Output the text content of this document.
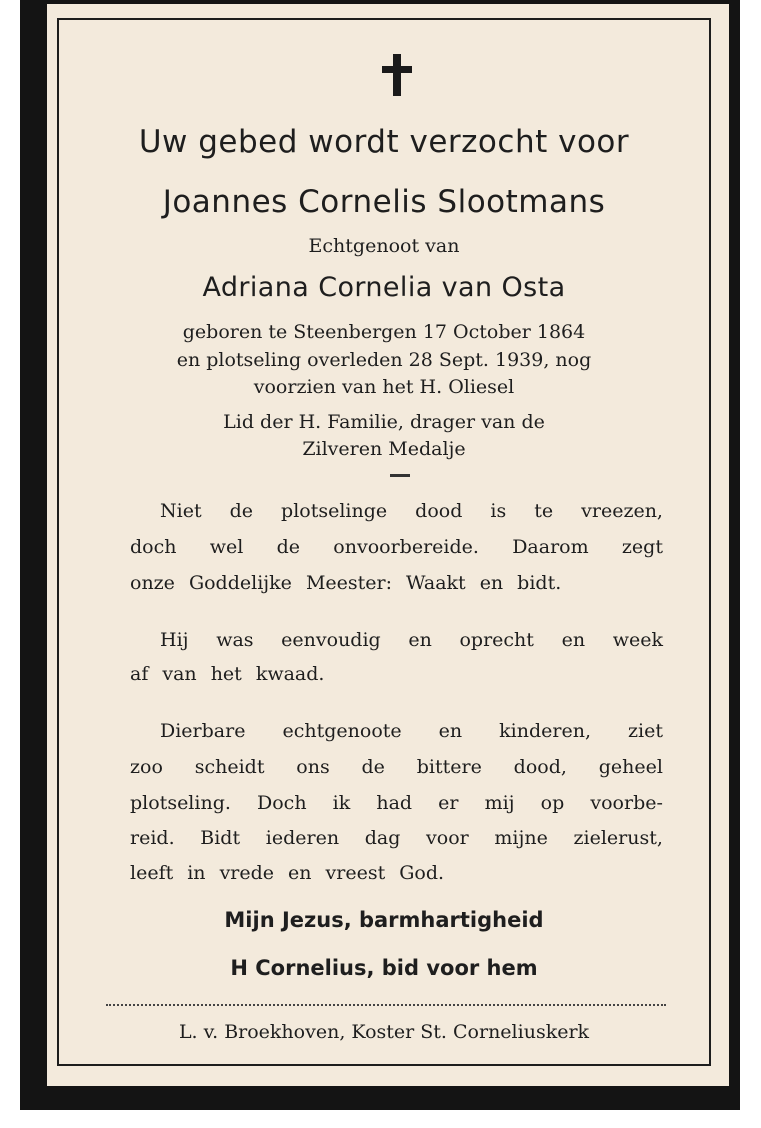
Uw gebed wordt verzocht voor
Joannes Cornelis Slootmans
Echtgenoot van
Adriana Cornelia van Osta
geboren te Steenbergen 17 October 1864
en plotseling overleden 28 Sept. 1939, nog
voorzien van het H. Oliesel
Lid der H. Familie, drager van de
Zilveren Medalje
Niet de plotselinge dood is te vreezen,
doch wel de onvoorbereide. Daarom zegt
onze Goddelijke Meester: Waakt en bidt.
Hij was eenvoudig en oprecht en week
af van het kwaad.
Dierbare echtgenoote en kinderen, ziet
zoo scheidt ons de bittere dood, geheel
plotseling. Doch ik had er mij op voorbe-
reid. Bidt iederen dag voor mijne zielerust,
leeft in vrede en vreest God.
Mijn Jezus, barmhartigheid
H Cornelius, bid voor hem
L. v. Broekhoven, Koster St. Corneliuskerk
